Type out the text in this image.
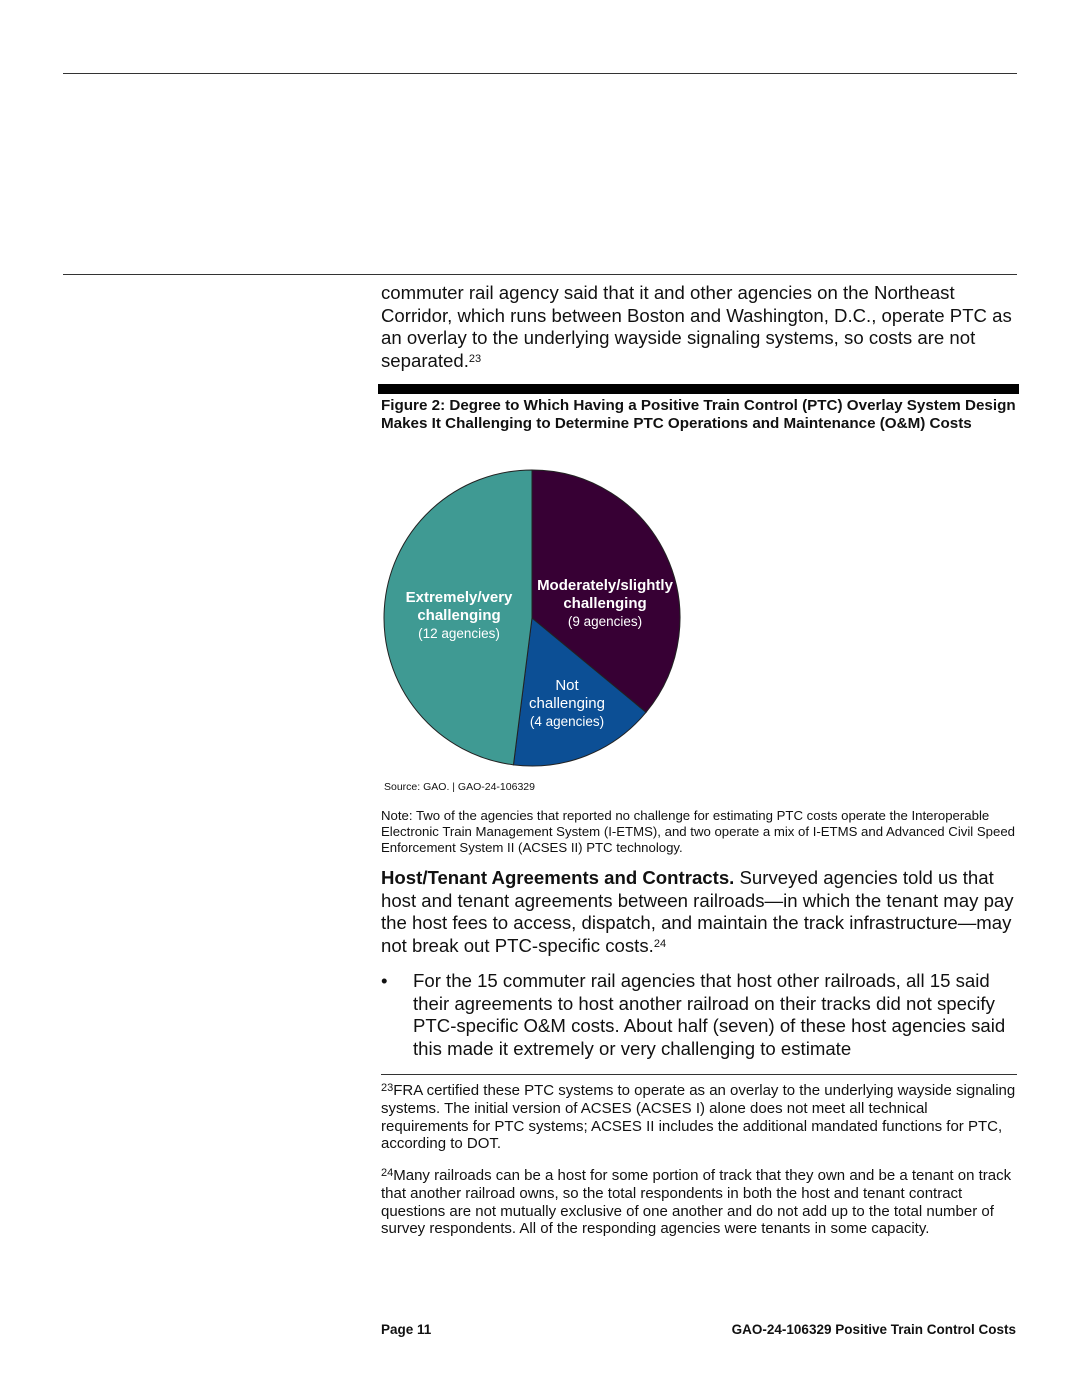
commuter rail agency said that it and other agencies on the Northeast Corridor, which runs between Boston and Washington, D.C., operate PTC as an overlay to the underlying wayside signaling systems, so costs are not separated.$^{23}$

Figure 2: Degree to Which Having a Positive Train Control (PTC) Overlay System Design Makes It Challenging to Determine PTC Operations and Maintenance (O&M) Costs
Moderately/slightly
challenging
(9 agencies)
Not
challenging
(4 agencies)
Extremely/very
challenging
(12 agencies)
Source: GAO. | GAO-24-106329
Note: Two of the agencies that reported no challenge for estimating PTC costs operate the Interoperable Electronic Train Management System (I-ETMS), and two operate a mix of I-ETMS and Advanced Civil Speed Enforcement System II (ACSES II) PTC technology.

Host/Tenant Agreements and Contracts. Surveyed agencies told us that host and tenant agreements between railroads—in which the tenant may pay the host fees to access, dispatch, and maintain the track infrastructure—may not break out PTC-specific costs.$^{24}$

• For the 15 commuter rail agencies that host other railroads, all 15 said their agreements to host another railroad on their tracks did not specify PTC-specific O&M costs. About half (seven) of these host agencies said this made it extremely or very challenging to estimate

$^{23}$FRA certified these PTC systems to operate as an overlay to the underlying wayside signaling systems. The initial version of ACSES (ACSES I) alone does not meet all technical requirements for PTC systems; ACSES II includes the additional mandated functions for PTC, according to DOT.

$^{24}$Many railroads can be a host for some portion of track that they own and be a tenant on track that another railroad owns, so the total respondents in both the host and tenant contract questions are not mutually exclusive of one another and do not add up to the total number of survey respondents. All of the responding agencies were tenants in some capacity.

Page 11	GAO-24-106329 Positive Train Control Costs
